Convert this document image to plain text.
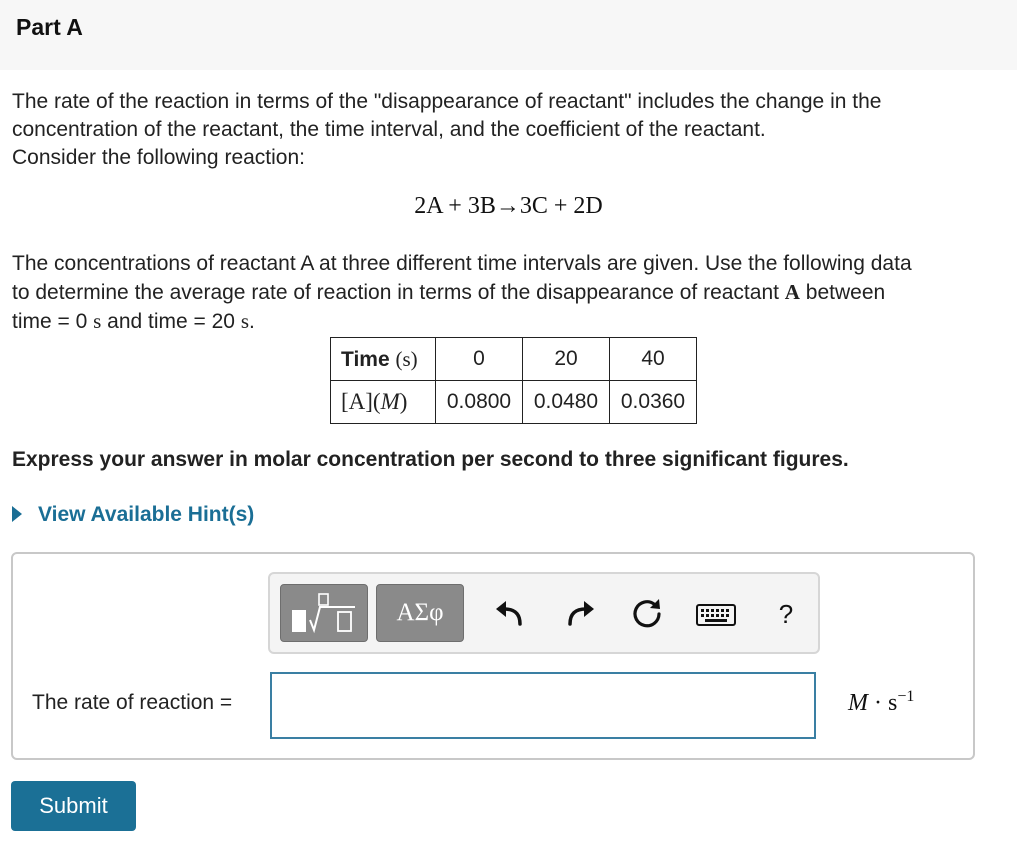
Part A
The rate of the reaction in terms of the "disappearance of reactant" includes the change in the
concentration of the reactant, the time interval, and the coefficient of the reactant.
Consider the following reaction:
2A + 3B→3C + 2D
The concentrations of reactant A at three different time intervals are given. Use the following data
to determine the average rate of reaction in terms of the disappearance of reactant A between
time = 0 s and time = 20 s.
Time (s)	0	20	40
[A](M)	0.0800	0.0480	0.0360
Express your answer in molar concentration per second to three significant figures.
View Available Hint(s)
ΑΣφ	?
The rate of reaction =	$M \cdot s^{-1}$
Submit
